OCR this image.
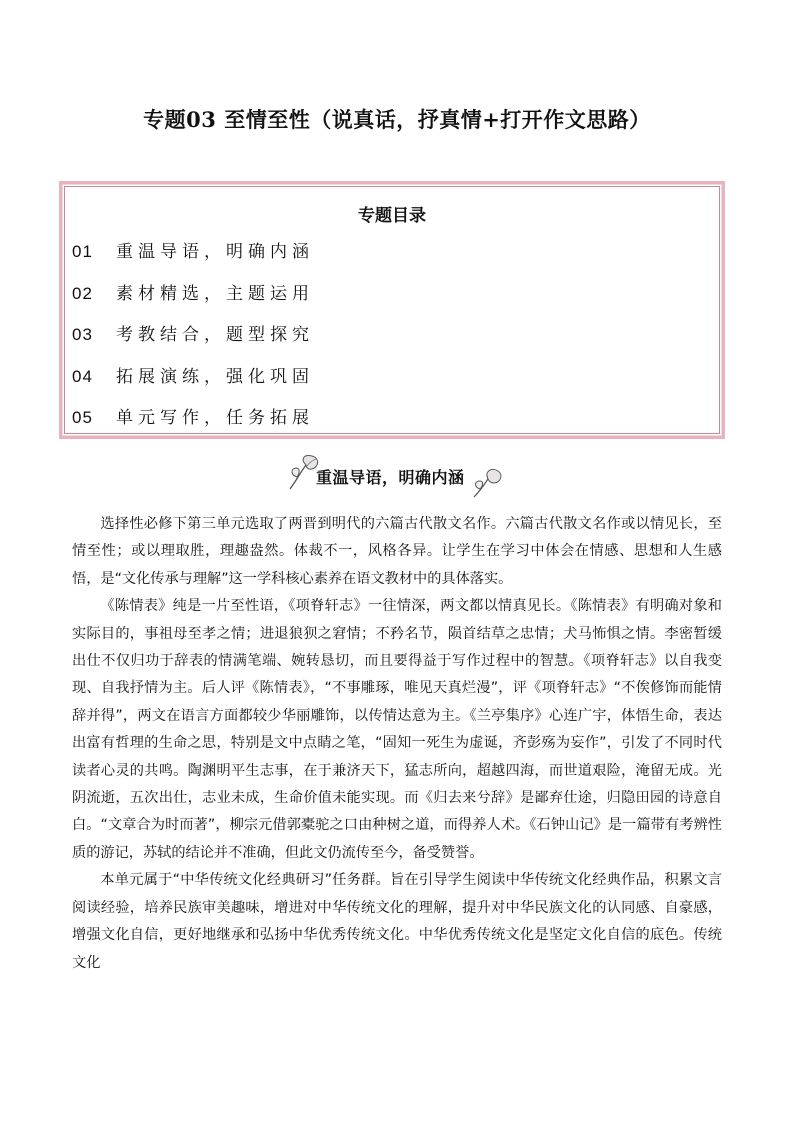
专题03 至情至性（说真话，抒真情+打开作文思路）
专题目录
01 重温导语，明确内涵
02 素材精选，主题运用
03 考教结合，题型探究
04 拓展演练，强化巩固
05 单元写作，任务拓展
重温导语，明确内涵

选择性必修下第三单元选取了两晋到明代的六篇古代散文名作。六篇古代散文名作或以情见长，至情至性；或以理取胜，理趣盎然。体裁不一，风格各异。让学生在学习中体会在情感、思想和人生感悟，是“文化传承与理解”这一学科核心素养在语文教材中的具体落实。

《陈情表》纯是一片至性语，《项脊轩志》一往情深，两文都以情真见长。《陈情表》有明确对象和实际目的，事祖母至孝之情；进退狼狈之窘情；不矜名节，陨首结草之忠情；犬马怖惧之情。李密暂缓出仕不仅归功于辞表的情满笔端、婉转恳切，而且要得益于写作过程中的智慧。《项脊轩志》以自我变现、自我抒情为主。后人评《陈情表》，“不事雕琢，唯见天真烂漫”，评《项脊轩志》“不俟修饰而能情辞并得”，两文在语言方面都较少华丽雕饰，以传情达意为主。《兰亭集序》心连广宇，体悟生命，表达出富有哲理的生命之思，特别是文中点睛之笔，“固知一死生为虚诞，齐彭殇为妄作”，引发了不同时代读者心灵的共鸣。陶渊明平生志事，在于兼济天下，猛志所向，超越四海，而世道艰险，淹留无成。光阴流逝，五次出仕，志业未成，生命价值未能实现。而《归去来兮辞》是鄙弃仕途，归隐田园的诗意自白。“文章合为时而著”，柳宗元借郭橐驼之口由种树之道，而得养人术。《石钟山记》是一篇带有考辨性质的游记，苏轼的结论并不准确，但此文仍流传至今，备受赞誉。

本单元属于“中华传统文化经典研习”任务群。旨在引导学生阅读中华传统文化经典作品，积累文言阅读经验，培养民族审美趣味，增进对中华传统文化的理解，提升对中华民族文化的认同感、自豪感，增强文化自信，更好地继承和弘扬中华优秀传统文化。中华优秀传统文化是坚定文化自信的底色。传统文化
